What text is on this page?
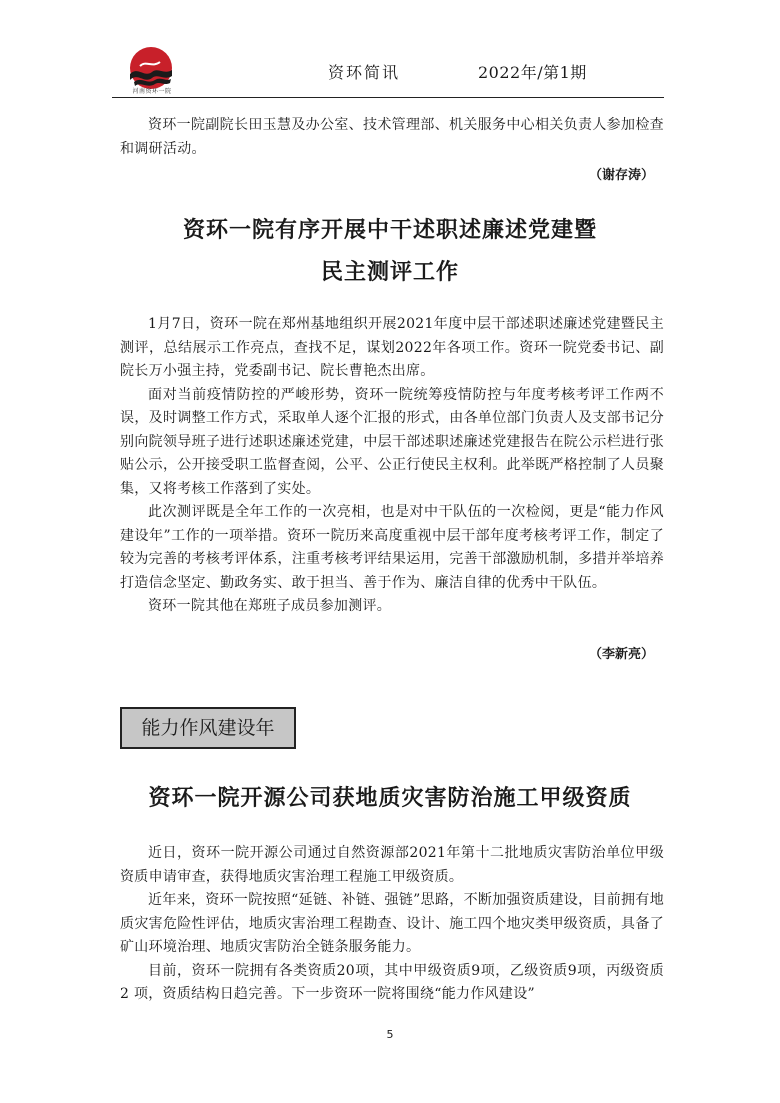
河南资环一院
资环简讯	2022年/第1期

资环一院副院长田玉慧及办公室、技术管理部、机关服务中心相关负责人参加检查和调研活动。

（谢存涛）
资环一院有序开展中干述职述廉述党建暨
民主测评工作

1月7日，资环一院在郑州基地组织开展2021年度中层干部述职述廉述党建暨民主测评，总结展示工作亮点，查找不足，谋划2022年各项工作。资环一院党委书记、副院长万小强主持，党委副书记、院长曹艳杰出席。

面对当前疫情防控的严峻形势，资环一院统筹疫情防控与年度考核考评工作两不误，及时调整工作方式，采取单人逐个汇报的形式，由各单位部门负责人及支部书记分别向院领导班子进行述职述廉述党建，中层干部述职述廉述党建报告在院公示栏进行张贴公示，公开接受职工监督查阅，公平、公正行使民主权利。此举既严格控制了人员聚集，又将考核工作落到了实处。

此次测评既是全年工作的一次亮相，也是对中干队伍的一次检阅，更是“能力作风建设年”工作的一项举措。资环一院历来高度重视中层干部年度考核考评工作，制定了较为完善的考核考评体系，注重考核考评结果运用，完善干部激励机制，多措并举培养打造信念坚定、勤政务实、敢于担当、善于作为、廉洁自律的优秀中干队伍。

资环一院其他在郑班子成员参加测评。

（李新亮）
能力作风建设年
资环一院开源公司获地质灾害防治施工甲级资质

近日，资环一院开源公司通过自然资源部2021年第十二批地质灾害防治单位甲级资质申请审查，获得地质灾害治理工程施工甲级资质。

近年来，资环一院按照“延链、补链、强链”思路，不断加强资质建设，目前拥有地质灾害危险性评估，地质灾害治理工程勘查、设计、施工四个地灾类甲级资质，具备了矿山环境治理、地质灾害防治全链条服务能力。

目前，资环一院拥有各类资质20项，其中甲级资质9项，乙级资质9项，丙级资质 2 项，资质结构日趋完善。下一步资环一院将围绕“能力作风建设”

5
